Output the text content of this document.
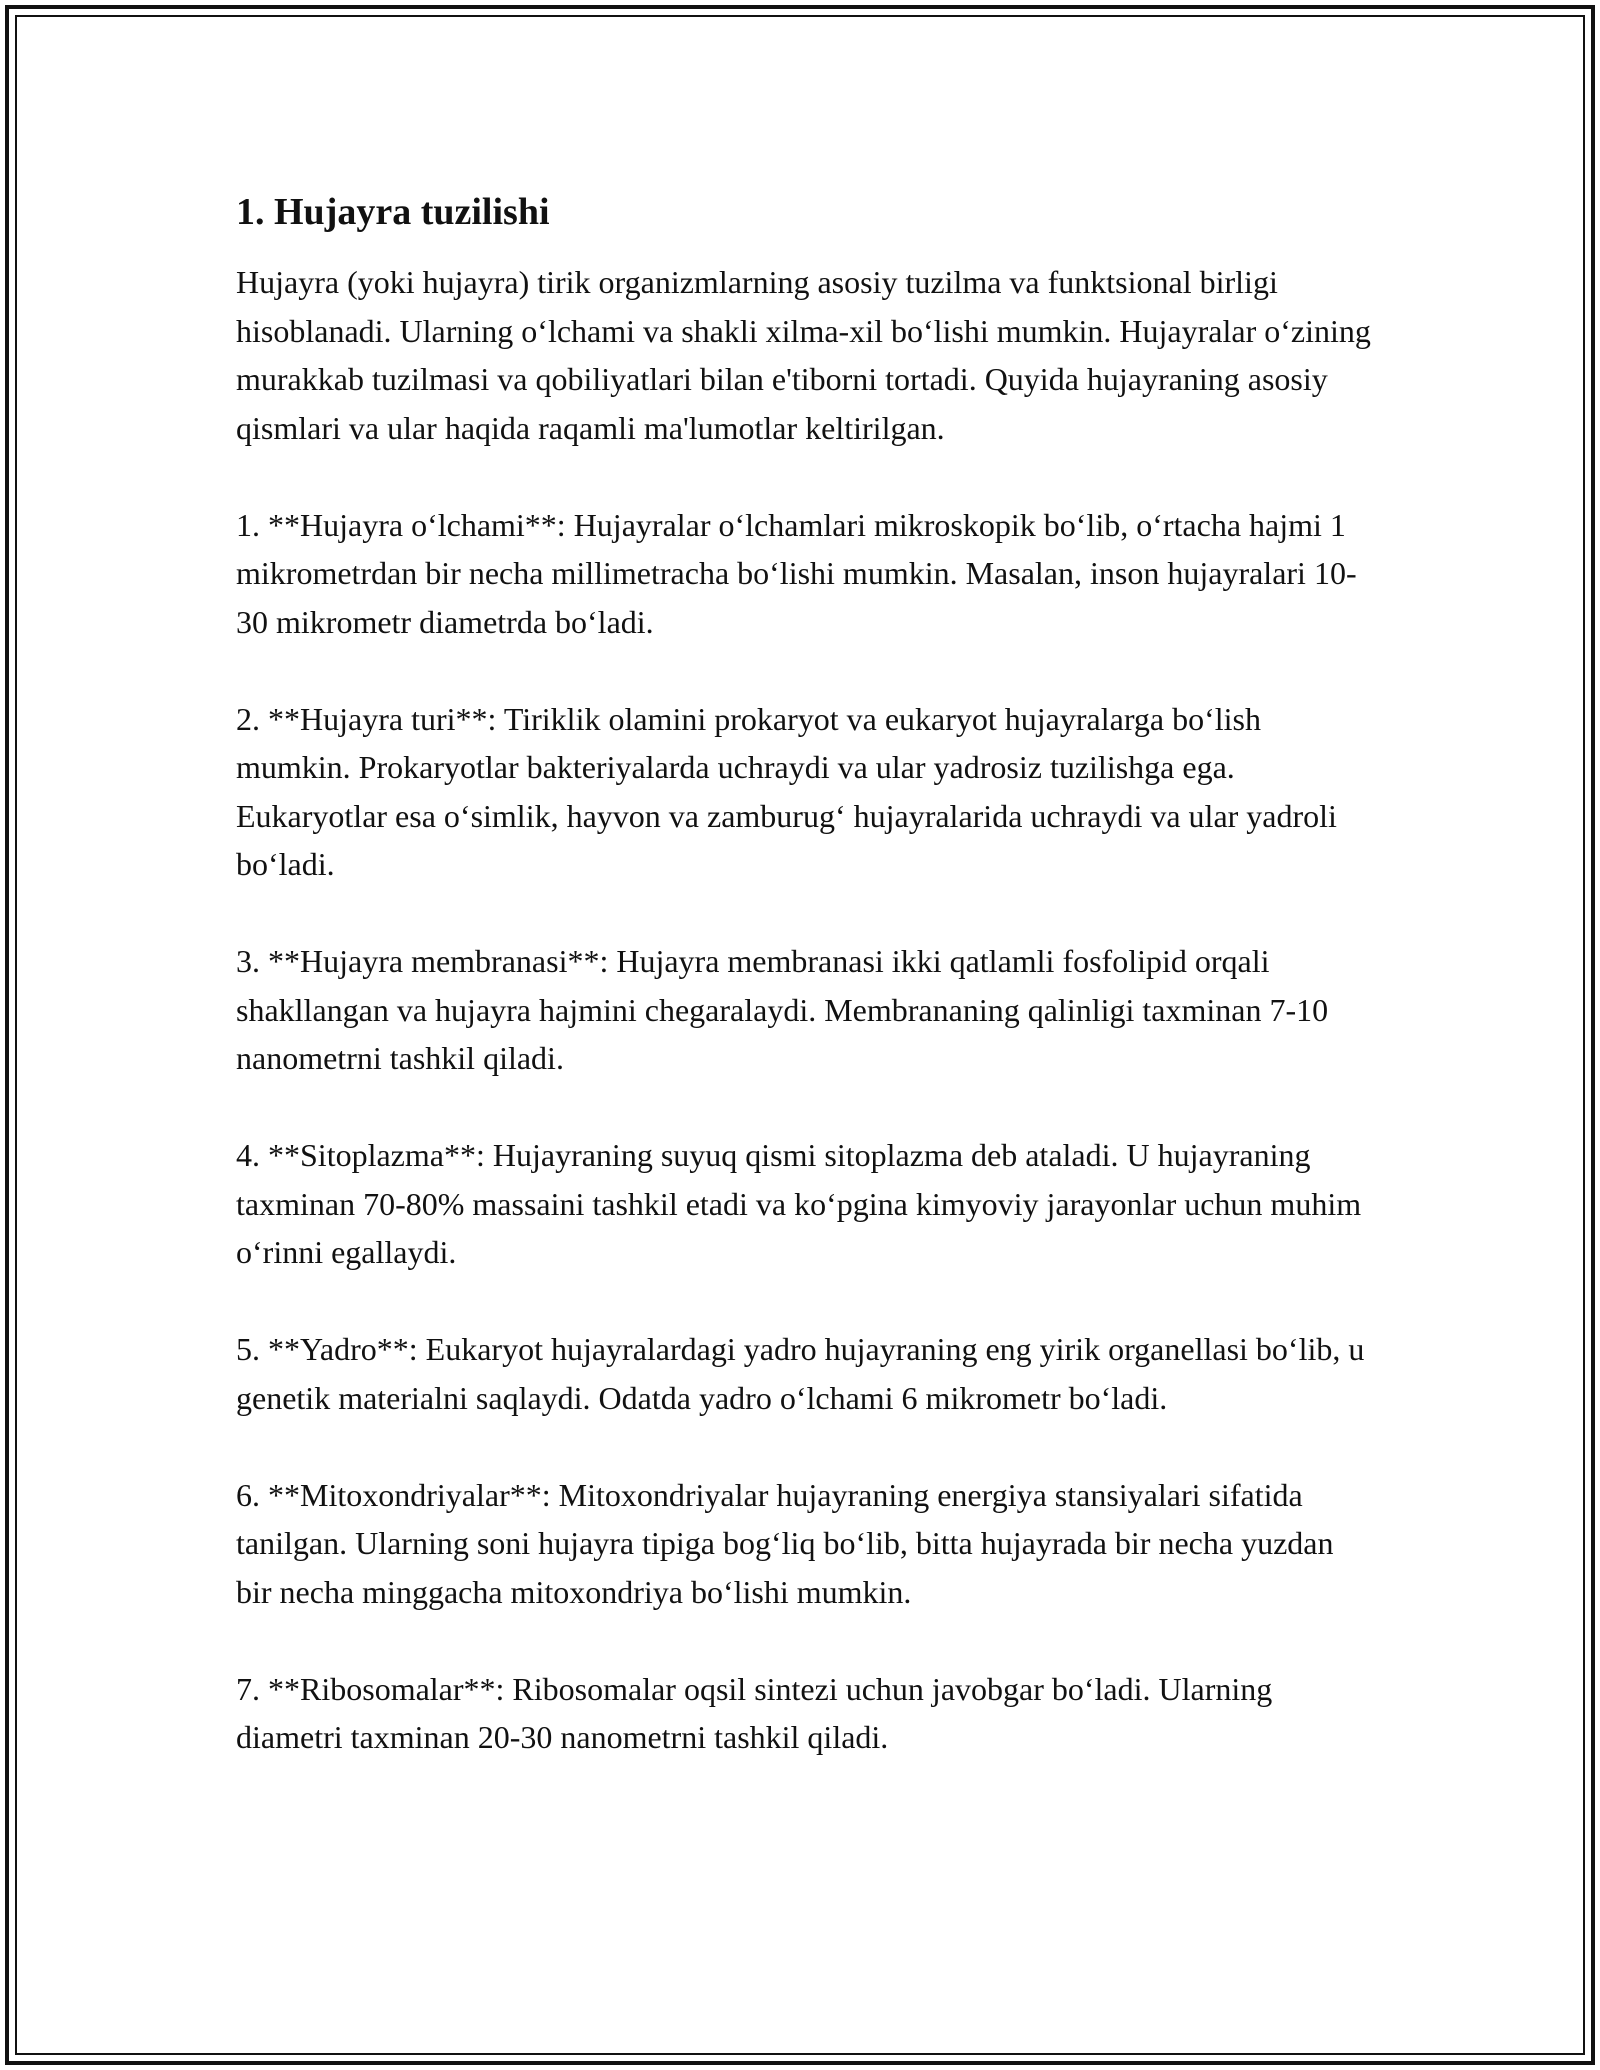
1. Hujayra tuzilishi

Hujayra (yoki hujayra) tirik organizmlarning asosiy tuzilma va funktsional birligi hisoblanadi. Ularning o‘lchami va shakli xilma-xil bo‘lishi mumkin. Hujayralar o‘zining murakkab tuzilmasi va qobiliyatlari bilan e'tiborni tortadi. Quyida hujayraning asosiy qismlari va ular haqida raqamli ma'lumotlar keltirilgan.

1. **Hujayra o‘lchami**: Hujayralar o‘lchamlari mikroskopik bo‘lib, o‘rtacha hajmi 1 mikrometrdan bir necha millimetracha bo‘lishi mumkin. Masalan, inson hujayralari 10-30 mikrometr diametrda bo‘ladi.

2. **Hujayra turi**: Tiriklik olamini prokaryot va eukaryot hujayralarga bo‘lish mumkin. Prokaryotlar bakteriyalarda uchraydi va ular yadrosiz tuzilishga ega. Eukaryotlar esa o‘simlik, hayvon va zamburug‘ hujayralarida uchraydi va ular yadroli bo‘ladi.

3. **Hujayra membranasi**: Hujayra membranasi ikki qatlamli fosfolipid orqali shakllangan va hujayra hajmini chegaralaydi. Membrananing qalinligi taxminan 7-10 nanometrni tashkil qiladi.

4. **Sitoplazma**: Hujayraning suyuq qismi sitoplazma deb ataladi. U hujayraning taxminan 70-80% massaini tashkil etadi va ko‘pgina kimyoviy jarayonlar uchun muhim o‘rinni egallaydi.

5. **Yadro**: Eukaryot hujayralardagi yadro hujayraning eng yirik organellasi bo‘lib, u genetik materialni saqlaydi. Odatda yadro o‘lchami 6 mikrometr bo‘ladi.

6. **Mitoxondriyalar**: Mitoxondriyalar hujayraning energiya stansiyalari sifatida tanilgan. Ularning soni hujayra tipiga bog‘liq bo‘lib, bitta hujayrada bir necha yuzdan bir necha minggacha mitoxondriya bo‘lishi mumkin.

7. **Ribosomalar**: Ribosomalar oqsil sintezi uchun javobgar bo‘ladi. Ularning diametri taxminan 20-30 nanometrni tashkil qiladi.
